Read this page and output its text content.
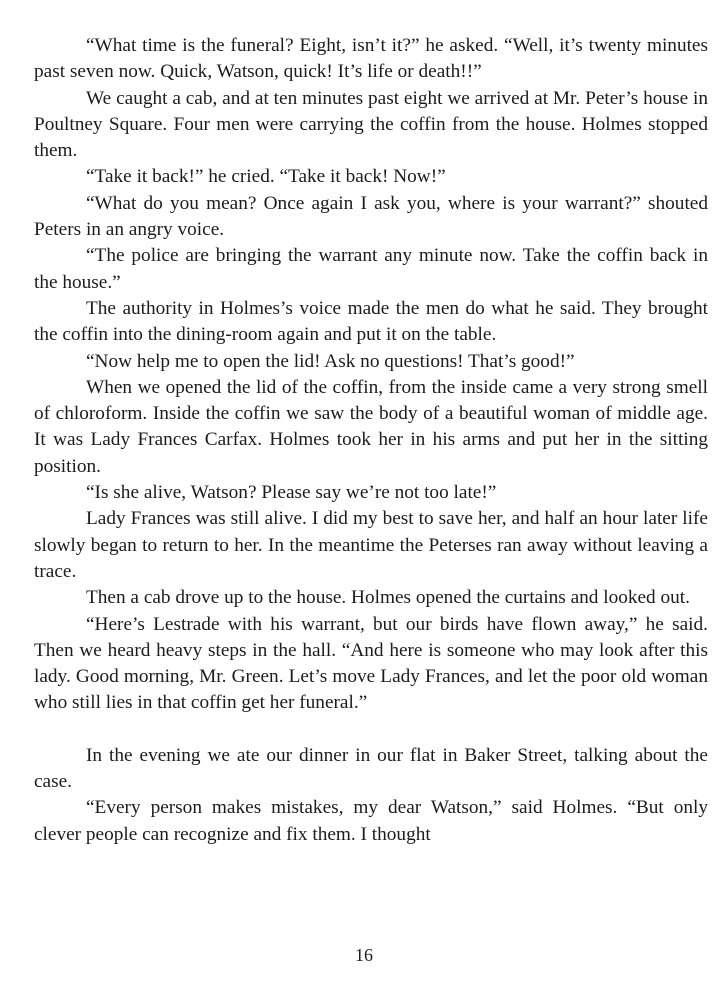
“What time is the funeral? Eight, isn’t it?” he asked. “Well, it’s twenty minutes past seven now. Quick, Watson, quick! It’s life or death!!”

We caught a cab, and at ten minutes past eight we arrived at Mr. Peter’s house in Poultney Square. Four men were carrying the coffin from the house. Holmes stopped them.

“Take it back!” he cried. “Take it back! Now!”

“What do you mean? Once again I ask you, where is your warrant?” shouted Peters in an angry voice.

“The police are bringing the warrant any minute now. Take the coffin back in the house.”

The authority in Holmes’s voice made the men do what he said. They brought the coffin into the dining-room again and put it on the table.

“Now help me to open the lid! Ask no questions! That’s good!”

When we opened the lid of the coffin, from the inside came a very strong smell of chloroform. Inside the coffin we saw the body of a beautiful woman of middle age. It was Lady Frances Carfax. Holmes took her in his arms and put her in the sitting position.

“Is she alive, Watson? Please say we’re not too late!”

Lady Frances was still alive. I did my best to save her, and half an hour later life slowly began to return to her. In the meantime the Peterses ran away without leaving a trace.

Then a cab drove up to the house. Holmes opened the curtains and looked out.

“Here’s Lestrade with his warrant, but our birds have flown away,” he said. Then we heard heavy steps in the hall. “And here is someone who may look after this lady. Good morning, Mr. Green. Let’s move Lady Frances, and let the poor old woman who still lies in that coffin get her funeral.”

In the evening we ate our dinner in our flat in Baker Street, talking about the case.

“Every person makes mistakes, my dear Watson,” said Holmes. “But only clever people can recognize and fix them. I thought

16
